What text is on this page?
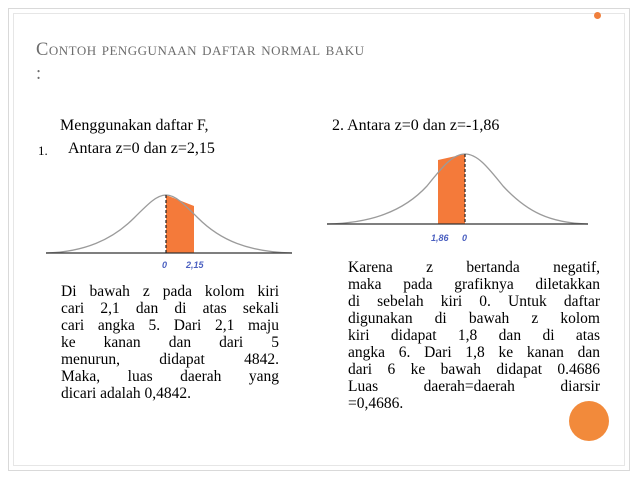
Contoh penggunaan daftar normal baku
:
Menggunakan daftar F,
1. Antara z=0 dan z=2,15
0 2,15
Di bawah z pada kolom kiri
cari 2,1 dan di atas sekali
cari angka 5. Dari 2,1 maju
ke kanan dan dari 5
menurun, didapat 4842.
Maka, luas daerah yang
dicari adalah 0,4842.
2. Antara z=0 dan z=-1,86
1,86 0
Karena z bertanda negatif,
maka pada grafiknya diletakkan
di sebelah kiri 0. Untuk daftar
digunakan di bawah z kolom
kiri didapat 1,8 dan di atas
angka 6. Dari 1,8 ke kanan dan
dari 6 ke bawah didapat 0.4686
Luas daerah=daerah diarsir
=0,4686.
